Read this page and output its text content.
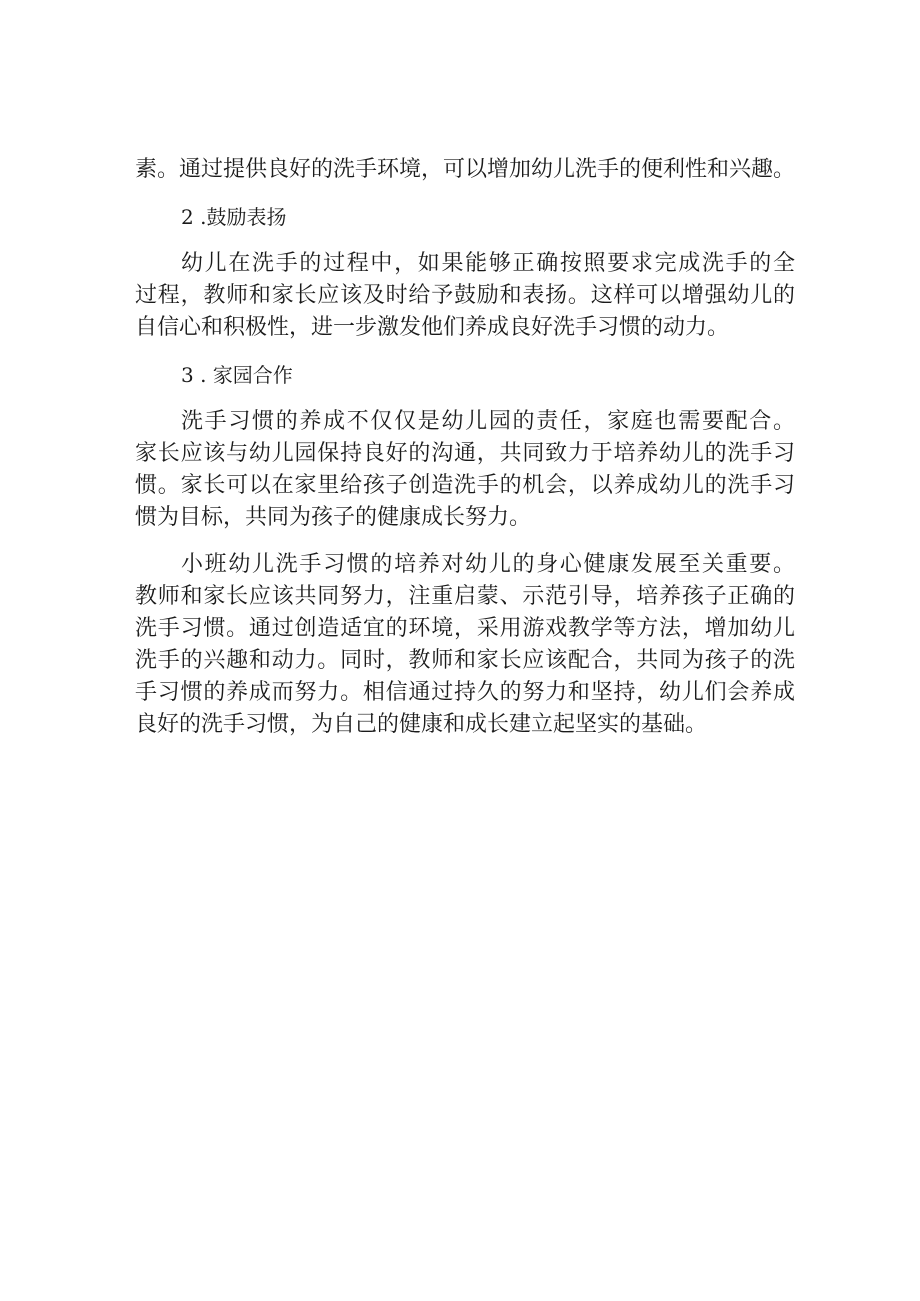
素。通过提供良好的洗手环境，可以增加幼儿洗手的便利性和兴趣。
2 .鼓励表扬
幼儿在洗手的过程中，如果能够正确按照要求完成洗手的全
过程，教师和家长应该及时给予鼓励和表扬。这样可以增强幼儿的
自信心和积极性，进一步激发他们养成良好洗手习惯的动力。
3 . 家园合作
洗手习惯的养成不仅仅是幼儿园的责任，家庭也需要配合。
家长应该与幼儿园保持良好的沟通，共同致力于培养幼儿的洗手习
惯。家长可以在家里给孩子创造洗手的机会，以养成幼儿的洗手习
惯为目标，共同为孩子的健康成长努力。
小班幼儿洗手习惯的培养对幼儿的身心健康发展至关重要。
教师和家长应该共同努力，注重启蒙、示范引导，培养孩子正确的
洗手习惯。通过创造适宜的环境，采用游戏教学等方法，增加幼儿
洗手的兴趣和动力。同时，教师和家长应该配合，共同为孩子的洗
手习惯的养成而努力。相信通过持久的努力和坚持，幼儿们会养成
良好的洗手习惯，为自己的健康和成长建立起坚实的基础。
